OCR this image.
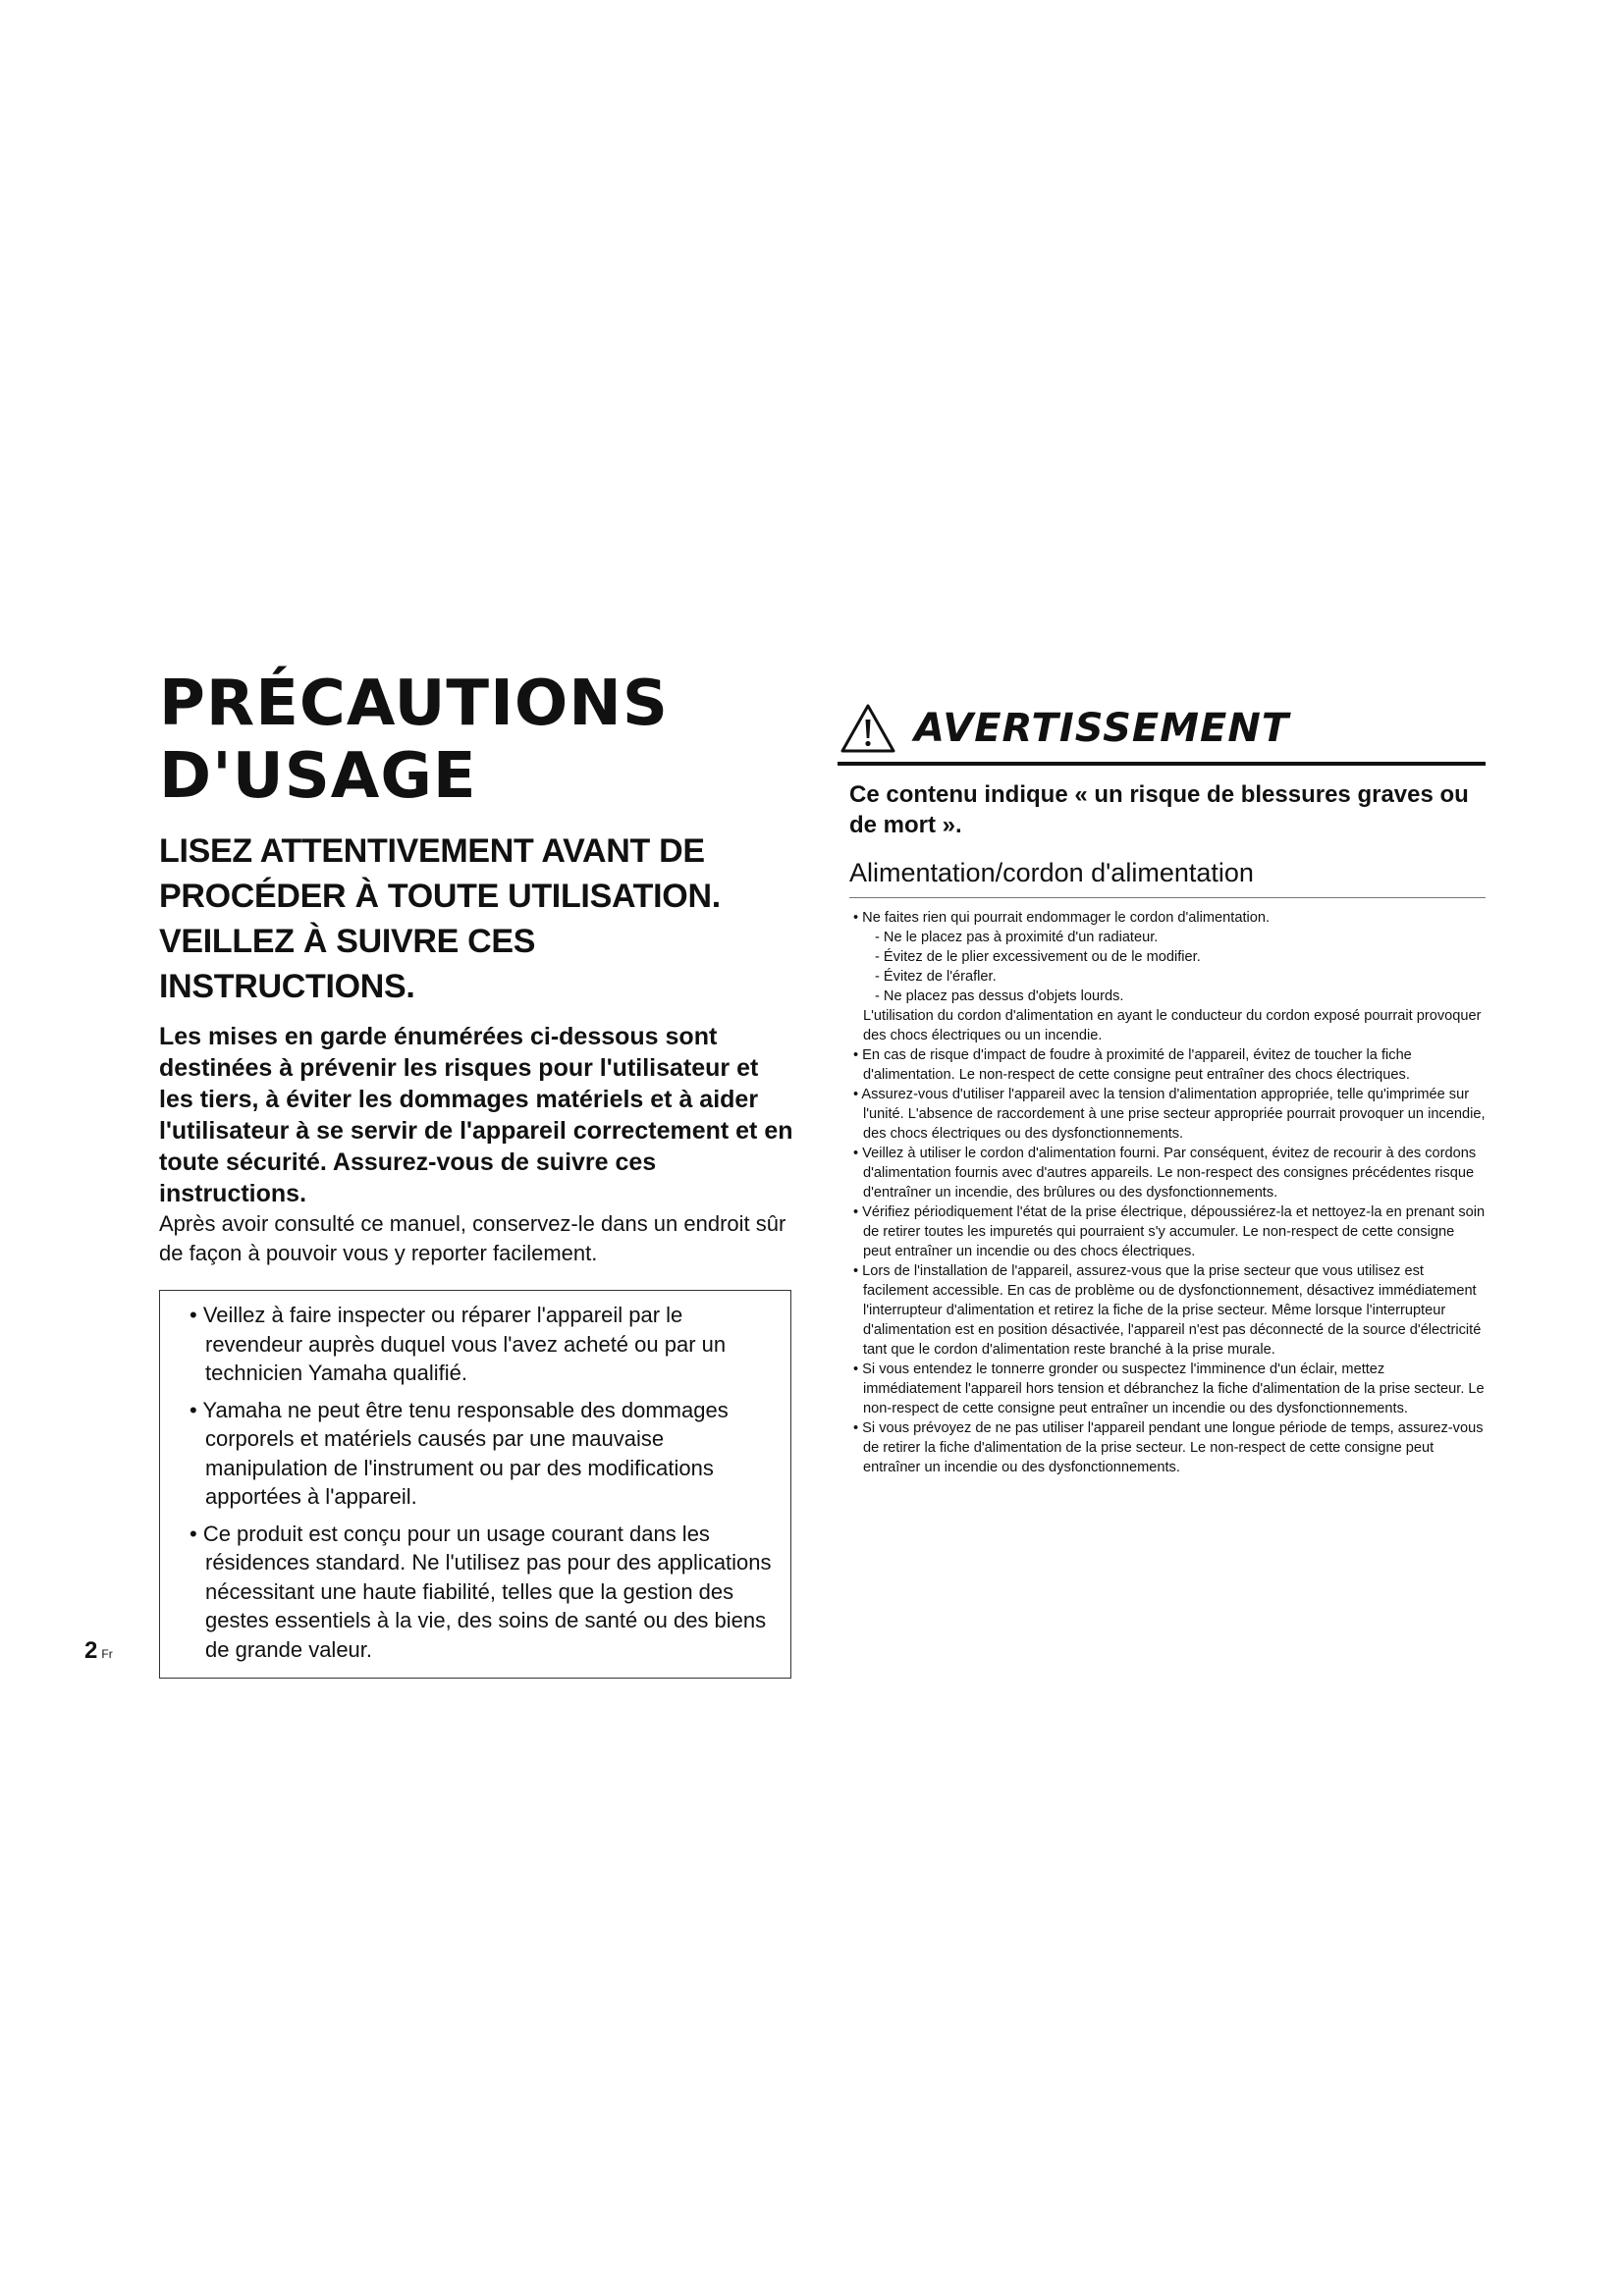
PRÉCAUTIONS
D'USAGE
LISEZ ATTENTIVEMENT AVANT DE
PROCÉDER À TOUTE UTILISATION.
VEILLEZ À SUIVRE CES INSTRUCTIONS.

Les mises en garde énumérées ci-dessous sont destinées à prévenir les risques pour l'utilisateur et les tiers, à éviter les dommages matériels et à aider l'utilisateur à se servir de l'appareil correctement et en toute sécurité. Assurez-vous de suivre ces instructions.

Après avoir consulté ce manuel, conservez-le dans un endroit sûr de façon à pouvoir vous y reporter facilement.

• Veillez à faire inspecter ou réparer l'appareil par le revendeur auprès duquel vous l'avez acheté ou par un technicien Yamaha qualifié.
• Yamaha ne peut être tenu responsable des dommages corporels et matériels causés par une mauvaise manipulation de l'instrument ou par des modifications apportées à l'appareil.
• Ce produit est conçu pour un usage courant dans les résidences standard. Ne l'utilisez pas pour des applications nécessitant une haute fiabilité, telles que la gestion des gestes essentiels à la vie, des soins de santé ou des biens de grande valeur.
AVERTISSEMENT

Ce contenu indique « un risque de blessures graves ou de mort ».

Alimentation/cordon d'alimentation
• Ne faites rien qui pourrait endommager le cordon d'alimentation.
- Ne le placez pas à proximité d'un radiateur.
- Évitez de le plier excessivement ou de le modifier.
- Évitez de l'érafler.
- Ne placez pas dessus d'objets lourds.
L'utilisation du cordon d'alimentation en ayant le conducteur du cordon exposé pourrait provoquer des chocs électriques ou un incendie.
• En cas de risque d'impact de foudre à proximité de l'appareil, évitez de toucher la fiche d'alimentation. Le non-respect de cette consigne peut entraîner des chocs électriques.
• Assurez-vous d'utiliser l'appareil avec la tension d'alimentation appropriée, telle qu'imprimée sur l'unité. L'absence de raccordement à une prise secteur appropriée pourrait provoquer un incendie, des chocs électriques ou des dysfonctionnements.
• Veillez à utiliser le cordon d'alimentation fourni. Par conséquent, évitez de recourir à des cordons d'alimentation fournis avec d'autres appareils. Le non-respect des consignes précédentes risque d'entraîner un incendie, des brûlures ou des dysfonctionnements.
• Vérifiez périodiquement l'état de la prise électrique, dépoussiérez-la et nettoyez-la en prenant soin de retirer toutes les impuretés qui pourraient s'y accumuler. Le non-respect de cette consigne peut entraîner un incendie ou des chocs électriques.
• Lors de l'installation de l'appareil, assurez-vous que la prise secteur que vous utilisez est facilement accessible. En cas de problème ou de dysfonctionnement, désactivez immédiatement l'interrupteur d'alimentation et retirez la fiche de la prise secteur. Même lorsque l'interrupteur d'alimentation est en position désactivée, l'appareil n'est pas déconnecté de la source d'électricité tant que le cordon d'alimentation reste branché à la prise murale.
• Si vous entendez le tonnerre gronder ou suspectez l'imminence d'un éclair, mettez immédiatement l'appareil hors tension et débranchez la fiche d'alimentation de la prise secteur. Le non-respect de cette consigne peut entraîner un incendie ou des dysfonctionnements.
• Si vous prévoyez de ne pas utiliser l'appareil pendant une longue période de temps, assurez-vous de retirer la fiche d'alimentation de la prise secteur. Le non-respect de cette consigne peut entraîner un incendie ou des dysfonctionnements.
2 Fr
